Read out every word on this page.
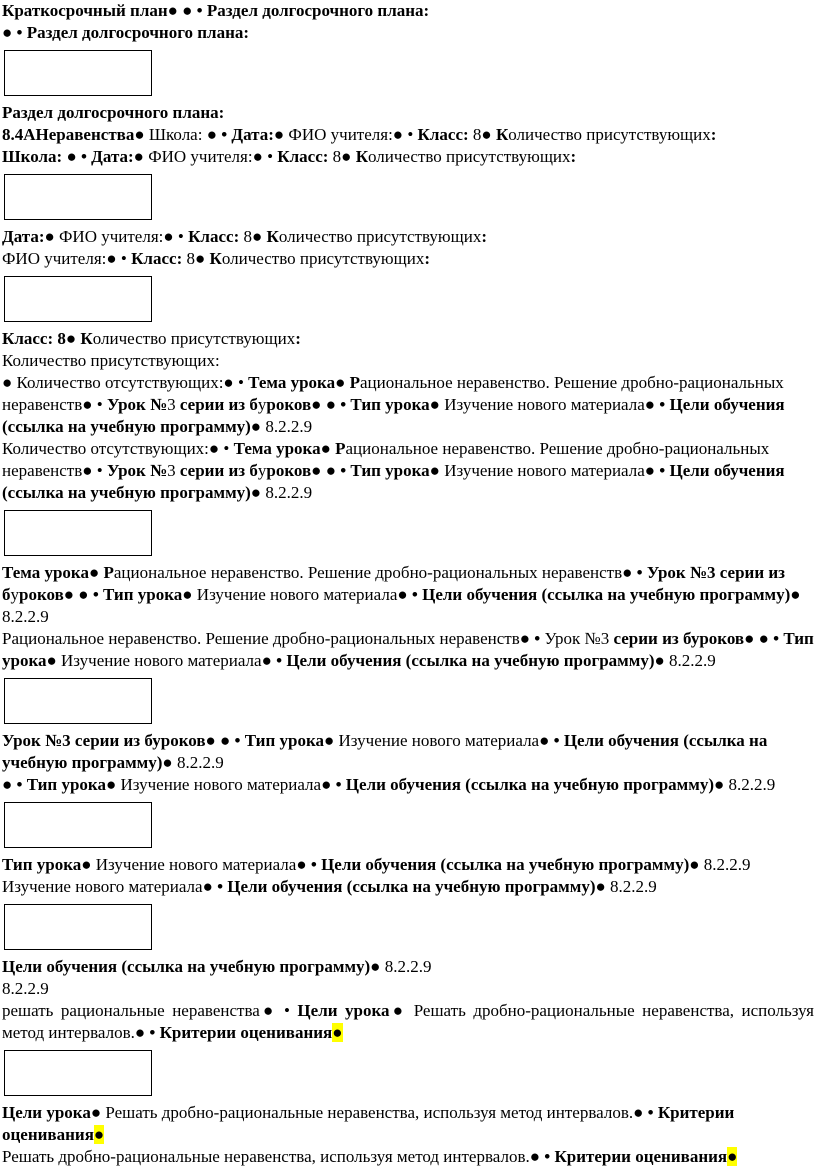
Краткосрочный план● ● • Раздел долгосрочного плана:

● • Раздел долгосрочного плана:

Раздел долгосрочного плана:

8.4АНеравенства● Школа: ● • Дата:● ФИО учителя:● • Класс: 8● Количество присутствующих:

Школа: ● • Дата:● ФИО учителя:● • Класс: 8● Количество присутствующих:

Дата:● ФИО учителя:● • Класс: 8● Количество присутствующих:

ФИО учителя:● • Класс: 8● Количество присутствующих:

Класс: 8● Количество присутствующих:

Количество присутствующих:

● Количество отсутствующих:● • Тема урока● Рациональное неравенство. Решение дробно-рациональных неравенств● • Урок №3 серии из буроков● ● • Тип урока● Изучение нового материала● • Цели обучения (ссылка на учебную программу)● 8.2.2.9

Количество отсутствующих:● • Тема урока● Рациональное неравенство. Решение дробно-рациональных неравенств● • Урок №3 серии из буроков● ● • Тип урока● Изучение нового материала● • Цели обучения (ссылка на учебную программу)● 8.2.2.9

Тема урока● Рациональное неравенство. Решение дробно-рациональных неравенств● • Урок №3 серии из буроков● ● • Тип урока● Изучение нового материала● • Цели обучения (ссылка на учебную программу)● 8.2.2.9

Рациональное неравенство. Решение дробно-рациональных неравенств● • Урок №3 серии из буроков● ● • Тип урока● Изучение нового материала● • Цели обучения (ссылка на учебную программу)● 8.2.2.9

Урок №3 серии из буроков● ● • Тип урока● Изучение нового материала● • Цели обучения (ссылка на учебную программу)● 8.2.2.9

● • Тип урока● Изучение нового материала● • Цели обучения (ссылка на учебную программу)● 8.2.2.9

Тип урока● Изучение нового материала● • Цели обучения (ссылка на учебную программу)● 8.2.2.9

Изучение нового материала● • Цели обучения (ссылка на учебную программу)● 8.2.2.9

Цели обучения (ссылка на учебную программу)● 8.2.2.9

8.2.2.9

решать рациональные неравенства● • Цели урока● Решать дробно-рациональные неравенства, используя метод интервалов.● • Критерии оценивания●

Цели урока● Решать дробно-рациональные неравенства, используя метод интервалов.● • Критерии оценивания●

Решать дробно-рациональные неравенства, используя метод интервалов.● • Критерии оценивания●
